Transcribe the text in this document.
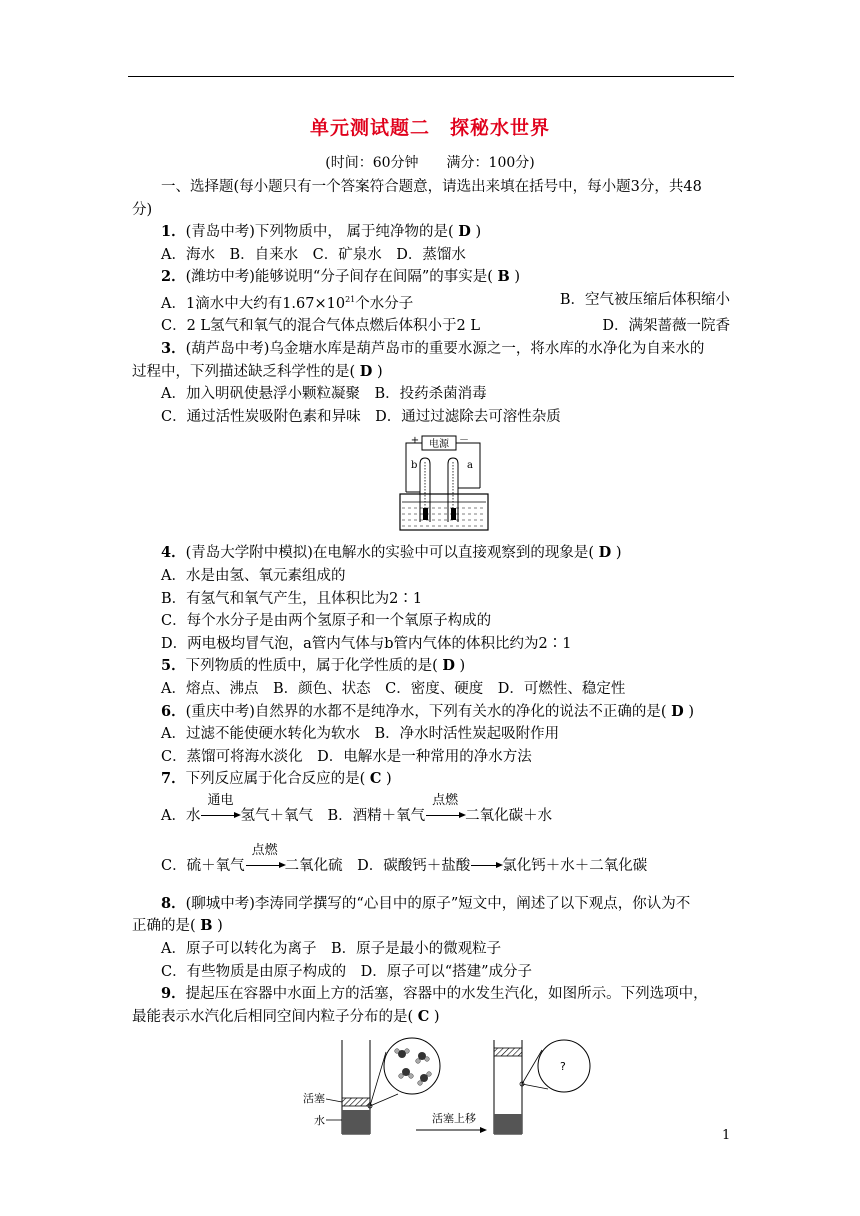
单元测试题二　探秘水世界
(时间：60分钟　　满分：100分)
一、选择题(每小题只有一个答案符合题意，请选出来填在括号中，每小题3分，共48
分)
1．(青岛中考)下列物质中， 属于纯净物的是( D )
A．海水　B．自来水　C．矿泉水　D．蒸馏水
2．(潍坊中考)能够说明“分子间存在间隔”的事实是( B )
A．1滴水中大约有$1.67\times 10^{21}$个水分子	B．空气被压缩后体积缩小
C．2 L氢气和氧气的混合气体点燃后体积小于2 L	D．满架蔷薇一院香
3．(葫芦岛中考)乌金塘水库是葫芦岛市的重要水源之一，将水库的水净化为自来水的
过程中，下列描述缺乏科学性的是( D )
A．加入明矾使悬浮小颗粒凝聚　B．投药杀菌消毒
C．通过活性炭吸附色素和异味　D．通过过滤除去可溶性杂质
电源
+	－
b	a
4．(青岛大学附中模拟)在电解水的实验中可以直接观察到的现象是( D )
A．水是由氢、氧元素组成的
B．有氢气和氧气产生，且体积比为2∶1
C．每个水分子是由两个氢原子和一个氧原子构成的
D．两电极均冒气泡，a管内气体与b管内气体的体积比约为2∶1
5．下列物质的性质中，属于化学性质的是( D )
A．熔点、沸点　B．颜色、状态　C．密度、硬度　D．可燃性、稳定性
6．(重庆中考)自然界的水都不是纯净水，下列有关水的净化的说法不正确的是( D )
A．过滤不能使硬水转化为软水　B．净水时活性炭起吸附作用
C．蒸馏可将海水淡化　D．电解水是一种常用的净水方法
7．下列反应属于化合反应的是( C )
A．水
通电
氢气＋氧气　B．酒精＋氧气
点燃
二氧化碳＋水
C．硫＋氧气
点燃
二氧化硫　D．碳酸钙＋盐酸 氯化钙＋水＋二氧化碳
8．(聊城中考)李涛同学撰写的“心目中的原子”短文中，阐述了以下观点，你认为不
正确的是( B )
A．原子可以转化为离子　B．原子是最小的微观粒子
C．有些物质是由原子构成的　D．原子可以“搭建”成分子
9．提起压在容器中水面上方的活塞，容器中的水发生汽化，如图所示。下列选项中，
最能表示水汽化后相同空间内粒子分布的是( C )
活塞
水	活塞上移
?
1
